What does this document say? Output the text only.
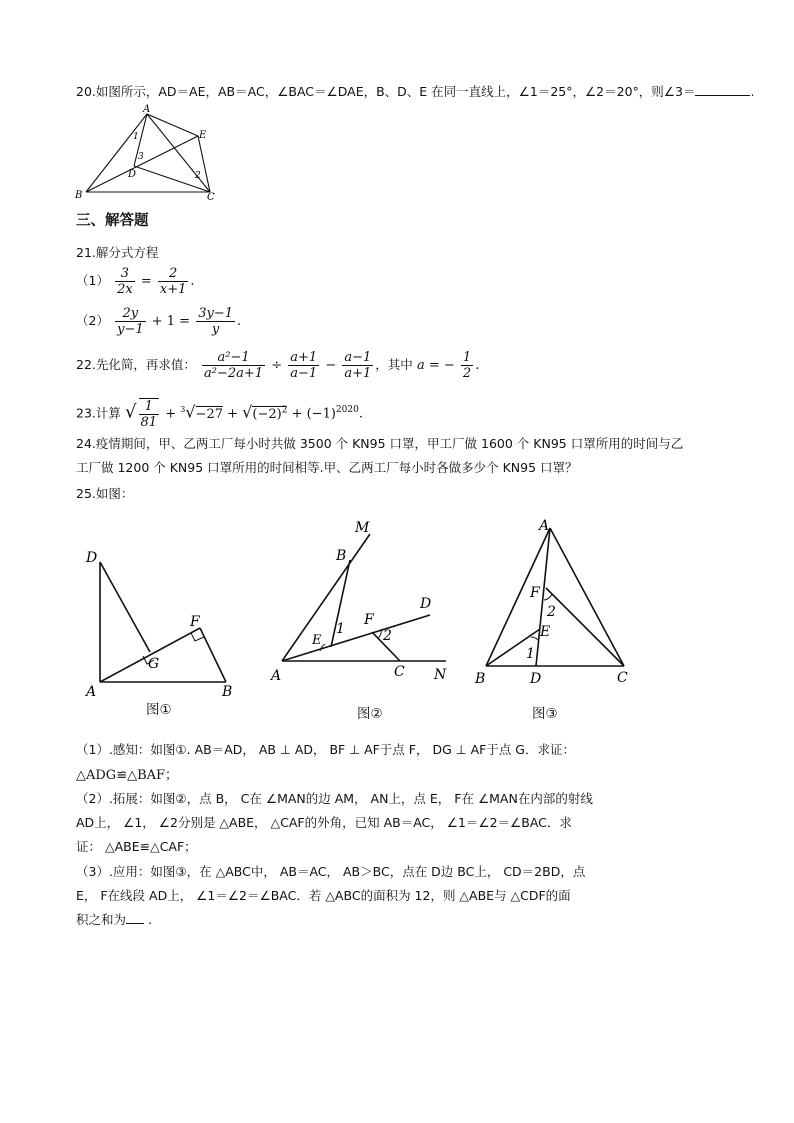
20.如图所示，AD＝AE，AB＝AC，∠BAC＝∠DAE，B、D、E 在同一直线上，∠1＝25°，∠2＝20°，则∠3＝	.
A
B	C
D
E
1
2
3
三、解答题
21.解分式方程
$(1) \frac{3}{2x} = \frac{2}{x+1}$ .
$(2) \frac{2y}{y-1} + 1 = \frac{3y-1}{y}$ .
22.先化简，再求值： $\frac{\text{a²−1}}{\text{a²−2a+1}} \div \frac{a+1}{a-1} - \frac{a-1}{a+1}$ ，其中 a = − $\frac{1}{2}$ .
23.计算 √ $\frac{1}{81} + ^3√-27 + √(-2)^2 + (-1)^{2020}$.
24.疫情期间，甲、乙两工厂每小时共做 3500 个 KN95 口罩，甲工厂做 1600 个 KN95 口罩所用的时间与乙
工厂做 1200 个 KN95 口罩所用的时间相等.甲、乙两工厂每小时各做多少个 KN95 口罩？
25.如图：
D
A	B
F
G
图①
M
B
A	C N
D
E
F
1	2
图②
A
B	C
D
E
F
1
2
图③
（1）.感知：如图①. AB＝AD， AB ⊥ AD， BF ⊥ AF于点 F， DG ⊥ AF于点 G．求证：
△ADG≌△BAF；
（2）.拓展：如图②，点 B， C在 ∠MAN的边 AM， AN上，点 E， F在 ∠MAN在内部的射线
AD上， ∠1， ∠2分别是 △ABE， △CAF的外角，已知 AB＝AC， ∠1＝∠2＝∠BAC．求
证： △ABE≌△CAF；
（3）.应用：如图③，在 △ABC中， AB＝AC， AB＞BC，点在 D边 BC上， CD＝2BD，点
E， F在线段 AD上， ∠1＝∠2＝∠BAC．若 △ABC的面积为 12，则 △ABE与 △CDF的面
积之和为 .
